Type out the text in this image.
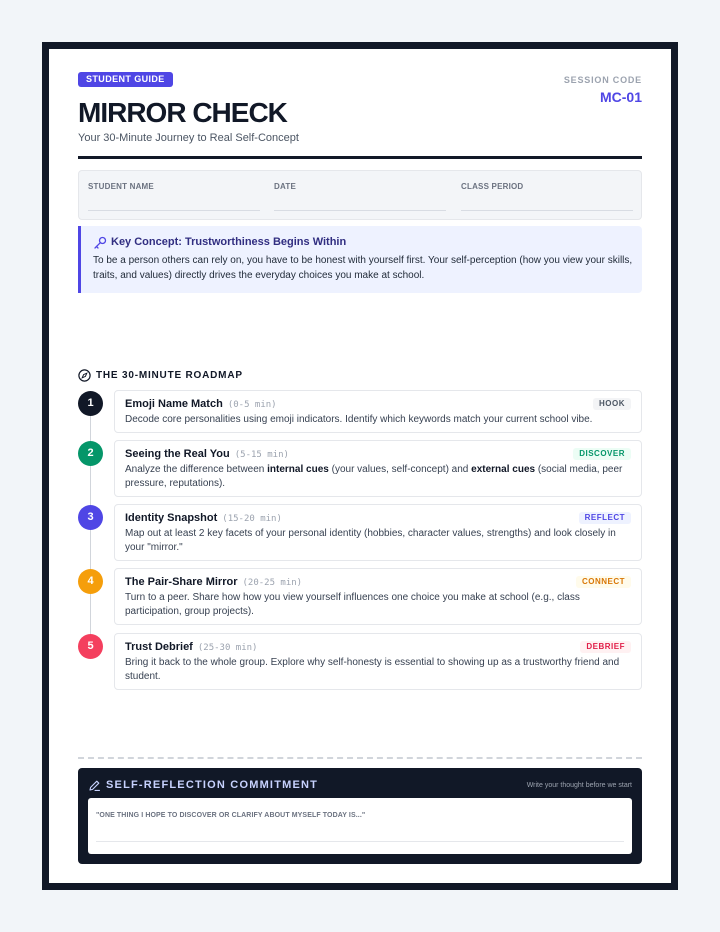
STUDENT GUIDE
MIRROR CHECK
Your 30-Minute Journey to Real Self-Concept
SESSION CODE
MC-01
STUDENT NAME	DATE	CLASS PERIOD
Key Concept: Trustworthiness Begins Within
To be a person others can rely on, you have to be honest with yourself first. Your self-perception (how you view your skills, traits, and values) directly drives the everyday choices you make at school.
THE 30-MINUTE ROADMAP
1	Emoji Name Match (0-5 min)	HOOK
Decode core personalities using emoji indicators. Identify which keywords match your current school vibe.
2	Seeing the Real You (5-15 min)	DISCOVER
Analyze the difference between internal cues (your values, self-concept) and external cues (social media, peer pressure, reputations).
3	Identity Snapshot (15-20 min)	REFLECT
Map out at least 2 key facets of your personal identity (hobbies, character values, strengths) and look closely in your "mirror."
4	The Pair-Share Mirror (20-25 min)	CONNECT
Turn to a peer. Share how how you view yourself influences one choice you make at school (e.g., class participation, group projects).
5	Trust Debrief (25-30 min)	DEBRIEF
Bring it back to the whole group. Explore why self-honesty is essential to showing up as a trustworthy friend and student.
SELF-REFLECTION COMMITMENT	Write your thought before we start
"ONE THING I HOPE TO DISCOVER OR CLARIFY ABOUT MYSELF TODAY IS..."
